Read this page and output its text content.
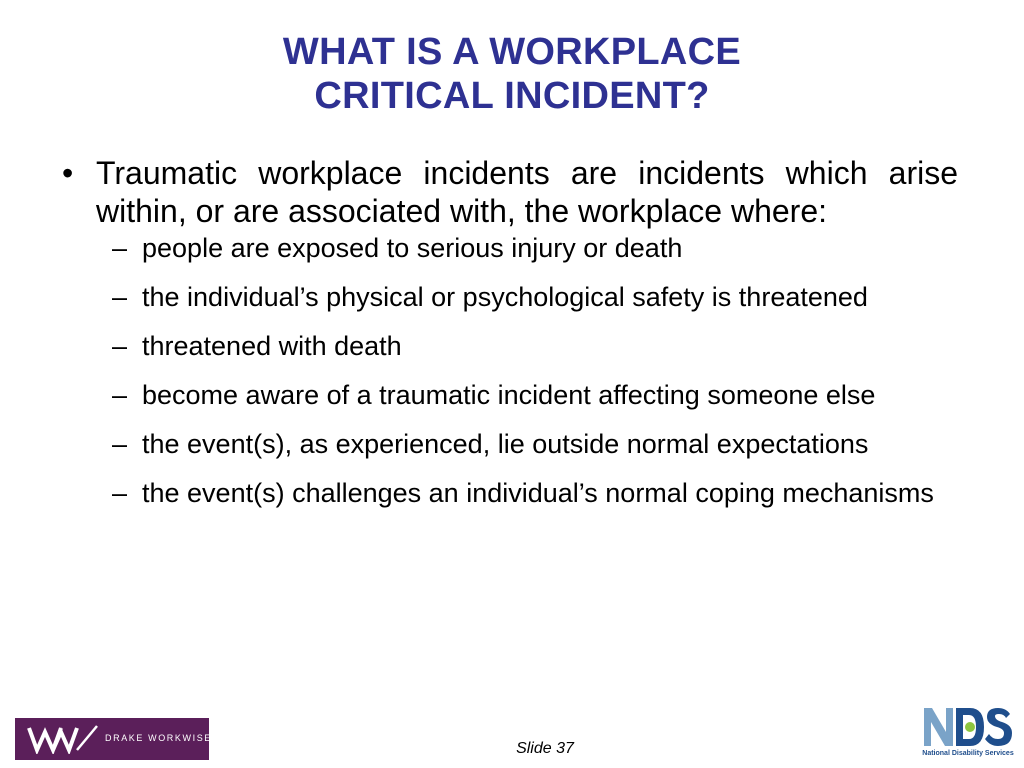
WHAT IS A WORKPLACE
CRITICAL INCIDENT?
• Traumatic workplace incidents are incidents which arise within, or are associated with, the workplace where:
– people are exposed to serious injury or death
– the individual’s physical or psychological safety is threatened
– threatened with death
– become aware of a traumatic incident affecting someone else
– the event(s), as experienced, lie outside normal expectations
– the event(s) challenges an individual’s normal coping mechanisms
DRAKE WORKWISE
Slide 37	National Disability Services
